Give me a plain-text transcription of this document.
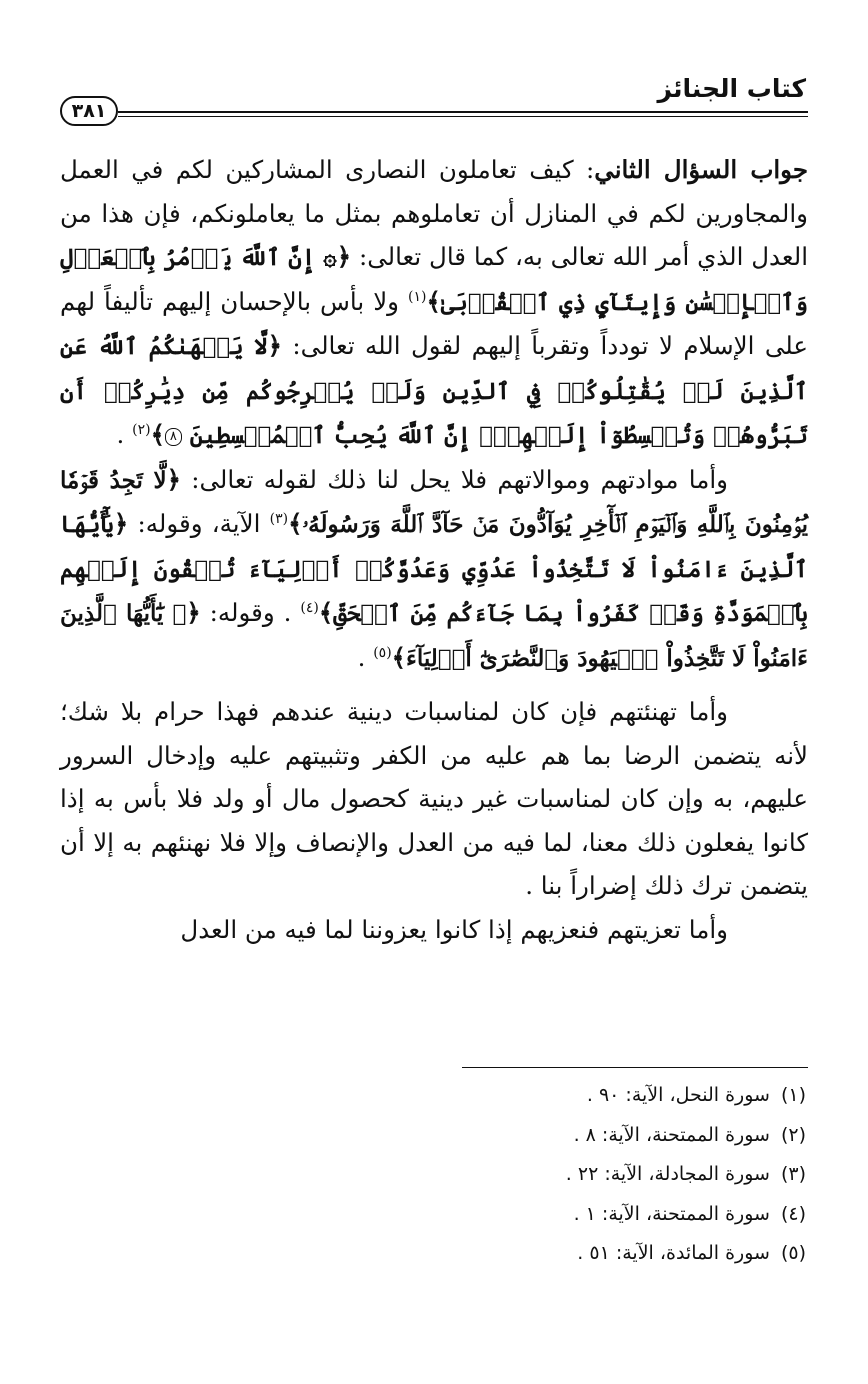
كتاب الجنائز
٣٨١

جواب السؤال الثاني: كيف تعاملون النصارى المشاركين لكم في العمل والمجاورين لكم في المنازل أن تعاملوهم بمثل ما يعاملونكم، فإن هذا من العدل الذي أمر الله تعالى به، كما قال تعالى: ﴿۞ إِنَّ ٱللَّهَ يَأۡمُرُ بِٱلۡعَدۡلِ وَٱلۡإِحۡسَٰنِ وَإِيتَآيِٕ ذِي ٱلۡقُرۡبَىٰ﴾$^{(١)}$ ولا بأس بالإحسان إليهم تأليفاً لهم على الإسلام لا تودداً وتقرباً إليهم لقول الله تعالى: ﴿لَّا يَنۡهَىٰكُمُ ٱللَّهُ عَنِ ٱلَّذِينَ لَمۡ يُقَٰتِلُوكُمۡ فِي ٱلدِّينِ وَلَمۡ يُخۡرِجُوكُم مِّن دِيَٰرِكُمۡ أَن تَبَرُّوهُمۡ وَتُقۡسِطُوٓاْ إِلَيۡهِمۡۚ إِنَّ ٱللَّهَ يُحِبُّ ٱلۡمُقۡسِطِينَ ٨﴾$^{(٢)}$ .

وأما موادتهم وموالاتهم فلا يحل لنا ذلك لقوله تعالى: ﴿لَّا تَجِدُ قَوۡمٗا يُؤۡمِنُونَ بِٱللَّهِ وَٱلۡيَوۡمِ ٱلۡأٓخِرِ يُوَآدُّونَ مَنۡ حَآدَّ ٱللَّهَ وَرَسُولَهُۥ﴾$^{(٣)}$ الآية، وقوله: ﴿يَٰٓأَيُّهَا ٱلَّذِينَ ءَامَنُواْ لَا تَتَّخِذُواْ عَدُوِّي وَعَدُوَّكُمۡ أَوۡلِيَآءَ تُلۡقُونَ إِلَيۡهِم بِٱلۡمَوَدَّةِ وَقَدۡ كَفَرُواْ بِمَا جَآءَكُم مِّنَ ٱلۡحَقِّ﴾$^{(٤)}$ . وقوله: ﴿۞ يَٰٓأَيُّهَا ٱلَّذِينَ ءَامَنُواْ لَا تَتَّخِذُواْ ٱلۡيَهُودَ وَٱلنَّصَٰرَىٰٓ أَوۡلِيَآءَ﴾$^{(٥)}$ .

وأما تهنئتهم فإن كان لمناسبات دينية عندهم فهذا حرام بلا شك؛ لأنه يتضمن الرضا بما هم عليه من الكفر وتثبيتهم عليه وإدخال السرور عليهم، به وإن كان لمناسبات غير دينية كحصول مال أو ولد فلا بأس به إذا كانوا يفعلون ذلك معنا، لما فيه من العدل والإنصاف وإلا فلا نهنئهم به إلا أن يتضمن ترك ذلك إضراراً بنا .

وأما تعزيتهم فنعزيهم إذا كانوا يعزوننا لما فيه من العدل

(١) سورة النحل، الآية: ٩٠ .
(٢) سورة الممتحنة، الآية: ٨ .
(٣) سورة المجادلة، الآية: ٢٢ .
(٤) سورة الممتحنة، الآية: ١ .
(٥) سورة المائدة، الآية: ٥١ .
